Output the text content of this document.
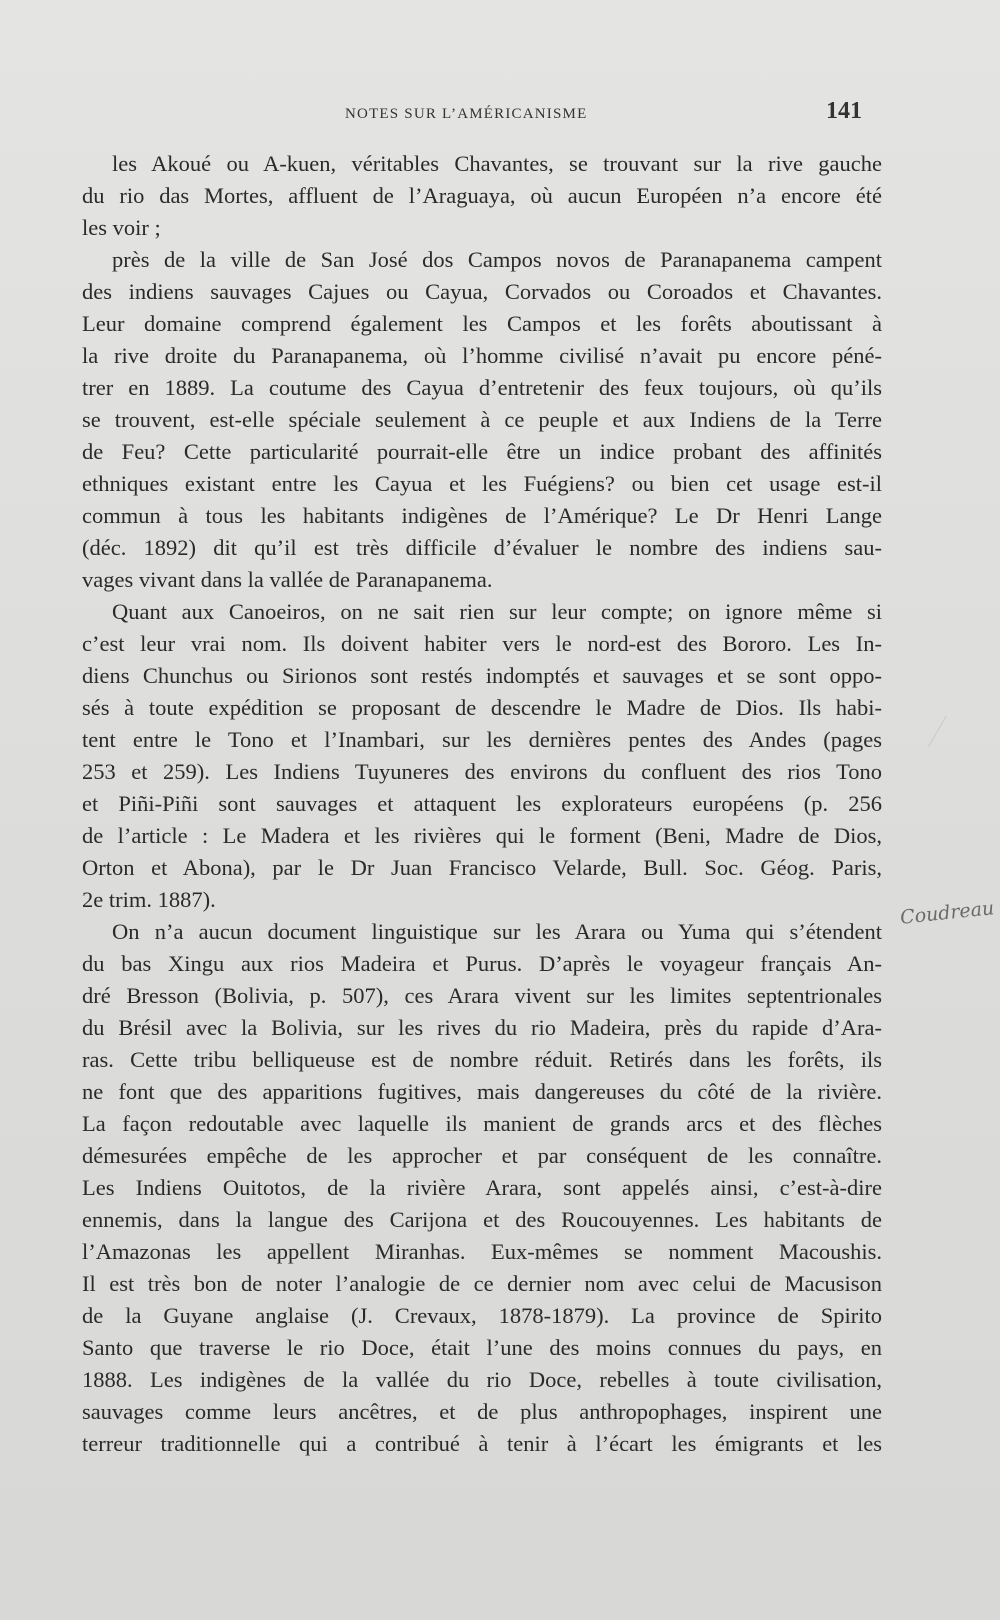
NOTES SUR L’AMÉRICANISME	141
les Akoué ou A-kuen, véritables Chavantes, se trouvant sur la rive gauche
du rio das Mortes, affluent de l’Araguaya, où aucun Européen n’a encore été
les voir ;
près de la ville de San José dos Campos novos de Paranapanema campent
des indiens sauvages Cajues ou Cayua, Corvados ou Coroados et Chavantes.
Leur domaine comprend également les Campos et les forêts aboutissant à
la rive droite du Paranapanema, où l’homme civilisé n’avait pu encore péné-
trer en 1889. La coutume des Cayua d’entretenir des feux toujours, où qu’ils
se trouvent, est-elle spéciale seulement à ce peuple et aux Indiens de la Terre
de Feu? Cette particularité pourrait-elle être un indice probant des affinités
ethniques existant entre les Cayua et les Fuégiens? ou bien cet usage est-il
commun à tous les habitants indigènes de l’Amérique? Le Dr Henri Lange
(déc. 1892) dit qu’il est très difficile d’évaluer le nombre des indiens sau-
vages vivant dans la vallée de Paranapanema.
Quant aux Canoeiros, on ne sait rien sur leur compte; on ignore même si
c’est leur vrai nom. Ils doivent habiter vers le nord-est des Bororo. Les In-
diens Chunchus ou Sirionos sont restés indomptés et sauvages et se sont oppo-
sés à toute expédition se proposant de descendre le Madre de Dios. Ils habi-
tent entre le Tono et l’Inambari, sur les dernières pentes des Andes (pages
253 et 259). Les Indiens Tuyuneres des environs du confluent des rios Tono
et Piñi-Piñi sont sauvages et attaquent les explorateurs européens (p. 256
de l’article : Le Madera et les rivières qui le forment (Beni, Madre de Dios,
Orton et Abona), par le Dr Juan Francisco Velarde, Bull. Soc. Géog. Paris,
2e trim. 1887).
On n’a aucun document linguistique sur les Arara ou Yuma qui s’étendent
du bas Xingu aux rios Madeira et Purus. D’après le voyageur français An-
dré Bresson (Bolivia, p. 507), ces Arara vivent sur les limites septentrionales
du Brésil avec la Bolivia, sur les rives du rio Madeira, près du rapide d’Ara-
ras. Cette tribu belliqueuse est de nombre réduit. Retirés dans les forêts, ils
ne font que des apparitions fugitives, mais dangereuses du côté de la rivière.
La façon redoutable avec laquelle ils manient de grands arcs et des flèches
démesurées empêche de les approcher et par conséquent de les connaître.
Les Indiens Ouitotos, de la rivière Arara, sont appelés ainsi, c’est-à-dire
ennemis, dans la langue des Carijona et des Roucouyennes. Les habitants de
l’Amazonas les appellent Miranhas. Eux-mêmes se nomment Macoushis.
Il est très bon de noter l’analogie de ce dernier nom avec celui de Macusison
de la Guyane anglaise (J. Crevaux, 1878-1879). La province de Spirito
Santo que traverse le rio Doce, était l’une des moins connues du pays, en
1888. Les indigènes de la vallée du rio Doce, rebelles à toute civilisation,
sauvages comme leurs ancêtres, et de plus anthropophages, inspirent une
terreur traditionnelle qui a contribué à tenir à l’écart les émigrants et les
Coudreau
